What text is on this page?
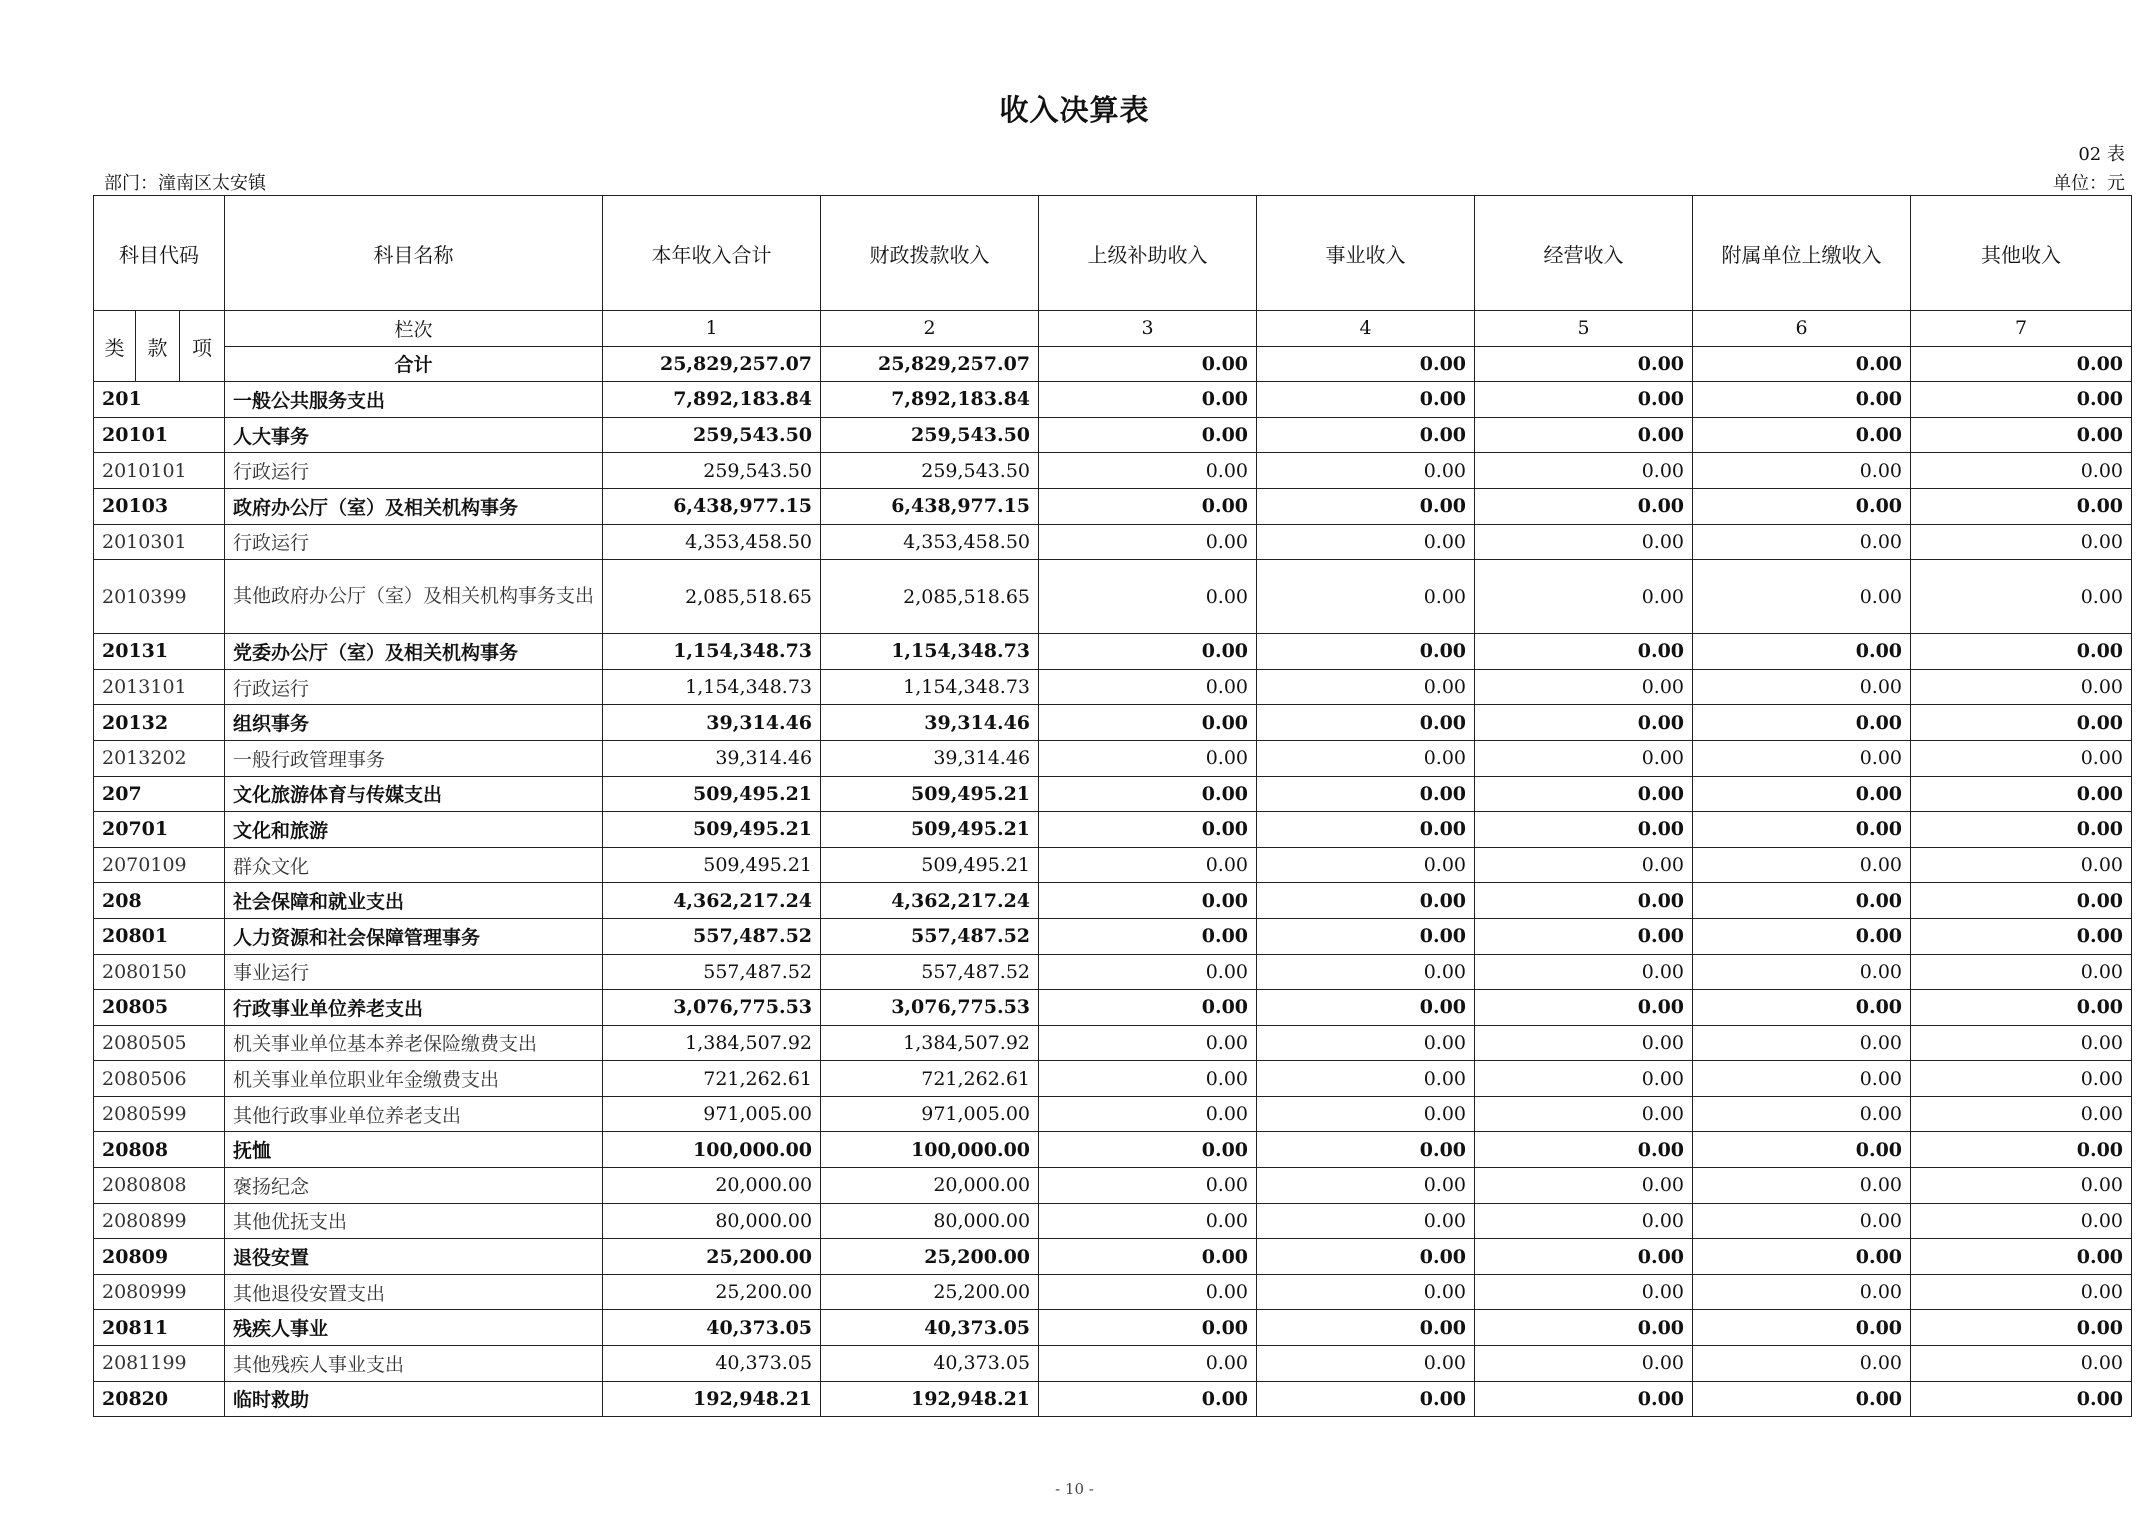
收入决算表
02 表
部门：潼南区太安镇	单位：元
科目代码			科目名称	本年收入合计	财政拨款收入	上级补助收入	事业收入	经营收入	附属单位上缴收入	其他收入
类	款	项	栏次	1	2	3	4	5	6	7
			合计	25,829,257.07	25,829,257.07	0.00	0.00	0.00	0.00	0.00
201			一般公共服务支出	7,892,183.84	7,892,183.84	0.00	0.00	0.00	0.00	0.00
20101			人大事务	259,543.50	259,543.50	0.00	0.00	0.00	0.00	0.00
2010101			行政运行	259,543.50	259,543.50	0.00	0.00	0.00	0.00	0.00
20103			政府办公厅（室）及相关机构事务	6,438,977.15	6,438,977.15	0.00	0.00	0.00	0.00	0.00
2010301			行政运行	4,353,458.50	4,353,458.50	0.00	0.00	0.00	0.00	0.00
2010399			其他政府办公厅（室）及相关机构事务支出	2,085,518.65	2,085,518.65	0.00	0.00	0.00	0.00	0.00
20131			党委办公厅（室）及相关机构事务	1,154,348.73	1,154,348.73	0.00	0.00	0.00	0.00	0.00
2013101			行政运行	1,154,348.73	1,154,348.73	0.00	0.00	0.00	0.00	0.00
20132			组织事务	39,314.46	39,314.46	0.00	0.00	0.00	0.00	0.00
2013202			一般行政管理事务	39,314.46	39,314.46	0.00	0.00	0.00	0.00	0.00
207			文化旅游体育与传媒支出	509,495.21	509,495.21	0.00	0.00	0.00	0.00	0.00
20701			文化和旅游	509,495.21	509,495.21	0.00	0.00	0.00	0.00	0.00
2070109			群众文化	509,495.21	509,495.21	0.00	0.00	0.00	0.00	0.00
208			社会保障和就业支出	4,362,217.24	4,362,217.24	0.00	0.00	0.00	0.00	0.00
20801			人力资源和社会保障管理事务	557,487.52	557,487.52	0.00	0.00	0.00	0.00	0.00
2080150			事业运行	557,487.52	557,487.52	0.00	0.00	0.00	0.00	0.00
20805			行政事业单位养老支出	3,076,775.53	3,076,775.53	0.00	0.00	0.00	0.00	0.00
2080505			机关事业单位基本养老保险缴费支出	1,384,507.92	1,384,507.92	0.00	0.00	0.00	0.00	0.00
2080506			机关事业单位职业年金缴费支出	721,262.61	721,262.61	0.00	0.00	0.00	0.00	0.00
2080599			其他行政事业单位养老支出	971,005.00	971,005.00	0.00	0.00	0.00	0.00	0.00
20808			抚恤	100,000.00	100,000.00	0.00	0.00	0.00	0.00	0.00
2080808			褒扬纪念	20,000.00	20,000.00	0.00	0.00	0.00	0.00	0.00
2080899			其他优抚支出	80,000.00	80,000.00	0.00	0.00	0.00	0.00	0.00
20809			退役安置	25,200.00	25,200.00	0.00	0.00	0.00	0.00	0.00
2080999			其他退役安置支出	25,200.00	25,200.00	0.00	0.00	0.00	0.00	0.00
20811			残疾人事业	40,373.05	40,373.05	0.00	0.00	0.00	0.00	0.00
2081199			其他残疾人事业支出	40,373.05	40,373.05	0.00	0.00	0.00	0.00	0.00
20820			临时救助	192,948.21	192,948.21	0.00	0.00	0.00	0.00	0.00
- 10 -
